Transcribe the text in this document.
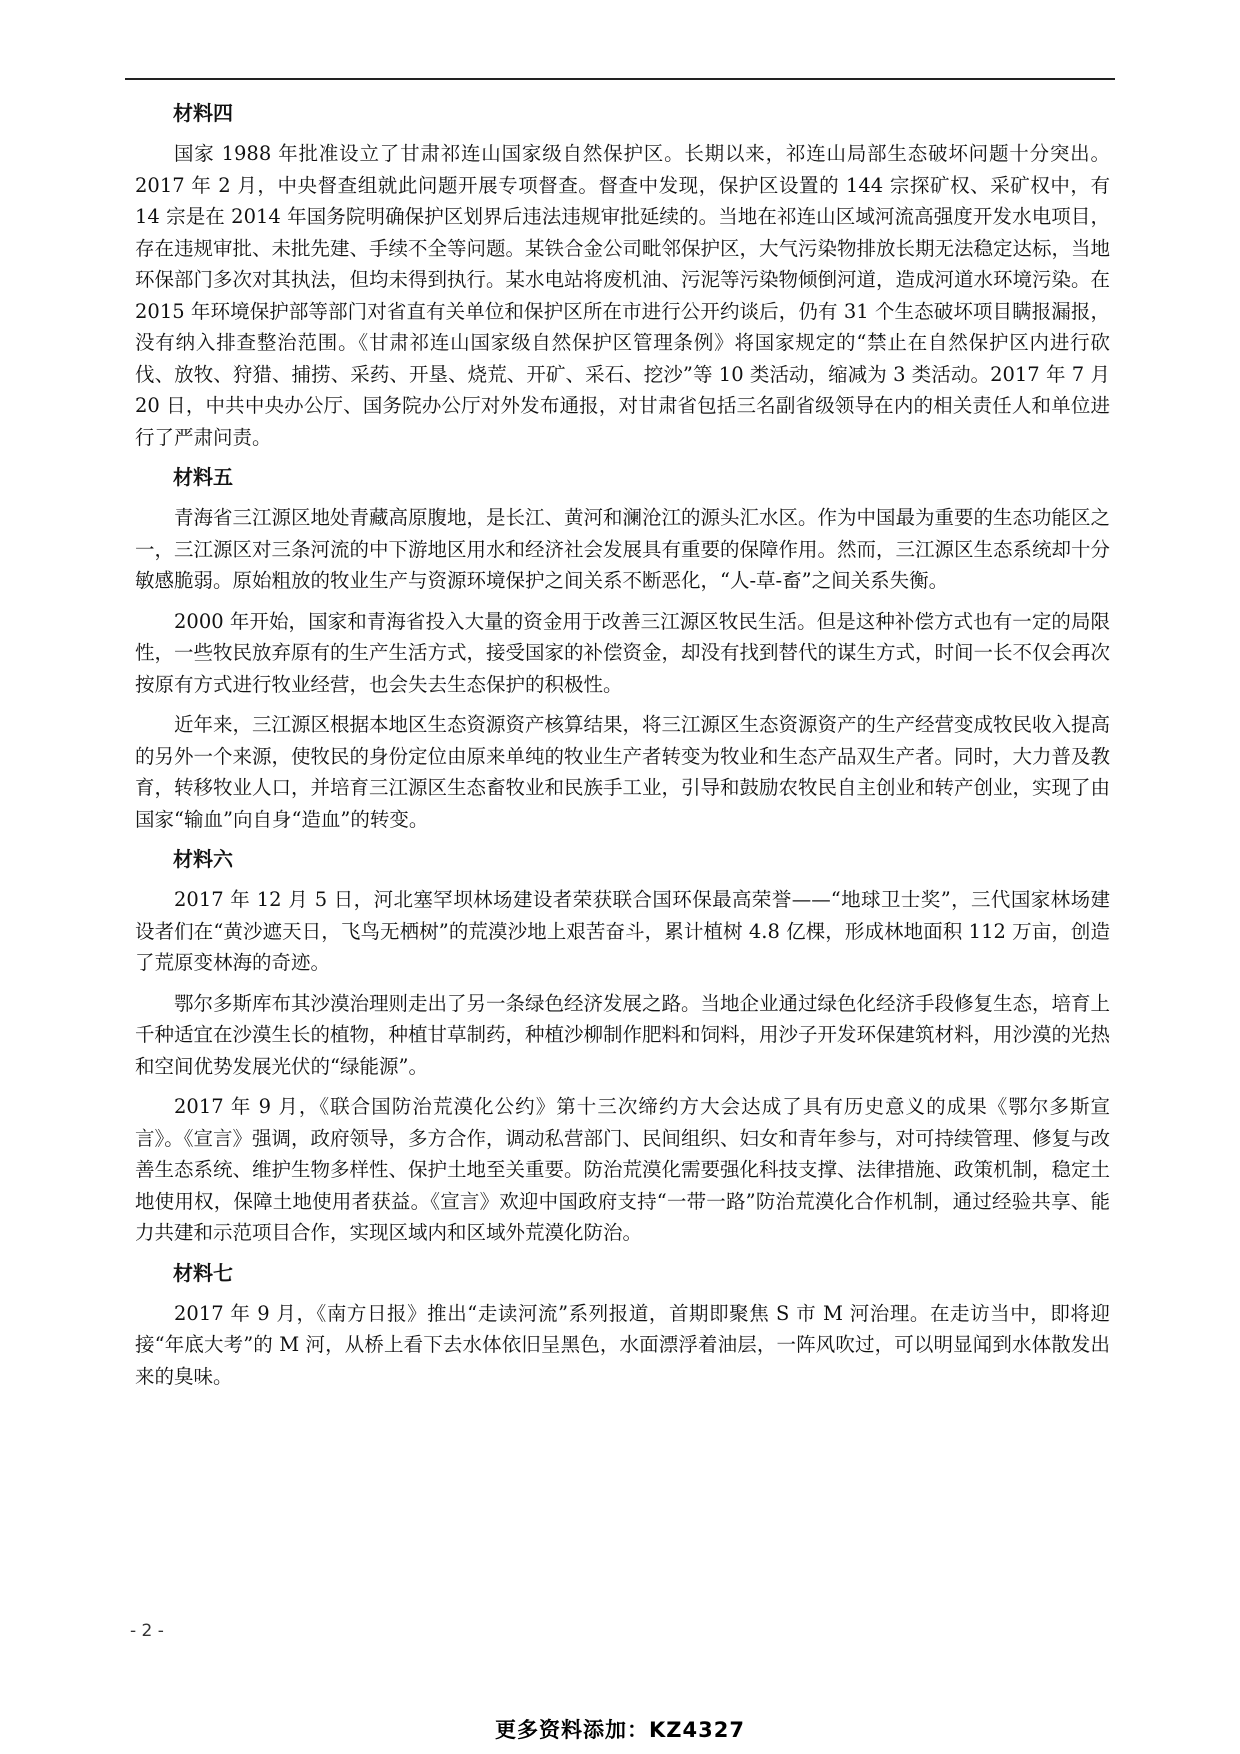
材料四

国家 1988 年批准设立了甘肃祁连山国家级自然保护区。长期以来，祁连山局部生态破坏问题十分突出。2017 年 2 月，中央督查组就此问题开展专项督查。督查中发现，保护区设置的 144 宗探矿权、采矿权中，有 14 宗是在 2014 年国务院明确保护区划界后违法违规审批延续的。当地在祁连山区域河流高强度开发水电项目，存在违规审批、未批先建、手续不全等问题。某铁合金公司毗邻保护区，大气污染物排放长期无法稳定达标，当地环保部门多次对其执法，但均未得到执行。某水电站将废机油、污泥等污染物倾倒河道，造成河道水环境污染。在 2015 年环境保护部等部门对省直有关单位和保护区所在市进行公开约谈后，仍有 31 个生态破坏项目瞒报漏报，没有纳入排查整治范围。《甘肃祁连山国家级自然保护区管理条例》将国家规定的“禁止在自然保护区内进行砍伐、放牧、狩猎、捕捞、采药、开垦、烧荒、开矿、采石、挖沙”等 10 类活动，缩减为 3 类活动。2017 年 7 月 20 日，中共中央办公厅、国务院办公厅对外发布通报，对甘肃省包括三名副省级领导在内的相关责任人和单位进行了严肃问责。

材料五

青海省三江源区地处青藏高原腹地，是长江、黄河和澜沧江的源头汇水区。作为中国最为重要的生态功能区之一，三江源区对三条河流的中下游地区用水和经济社会发展具有重要的保障作用。然而，三江源区生态系统却十分敏感脆弱。原始粗放的牧业生产与资源环境保护之间关系不断恶化，“人-草-畜”之间关系失衡。

2000 年开始，国家和青海省投入大量的资金用于改善三江源区牧民生活。但是这种补偿方式也有一定的局限性，一些牧民放弃原有的生产生活方式，接受国家的补偿资金，却没有找到替代的谋生方式，时间一长不仅会再次按原有方式进行牧业经营，也会失去生态保护的积极性。

近年来，三江源区根据本地区生态资源资产核算结果，将三江源区生态资源资产的生产经营变成牧民收入提高的另外一个来源，使牧民的身份定位由原来单纯的牧业生产者转变为牧业和生态产品双生产者。同时，大力普及教育，转移牧业人口，并培育三江源区生态畜牧业和民族手工业，引导和鼓励农牧民自主创业和转产创业，实现了由国家“输血”向自身“造血”的转变。

材料六

2017 年 12 月 5 日，河北塞罕坝林场建设者荣获联合国环保最高荣誉——“地球卫士奖”，三代国家林场建设者们在“黄沙遮天日，飞鸟无栖树”的荒漠沙地上艰苦奋斗，累计植树 4.8 亿棵，形成林地面积 112 万亩，创造了荒原变林海的奇迹。

鄂尔多斯库布其沙漠治理则走出了另一条绿色经济发展之路。当地企业通过绿色化经济手段修复生态，培育上千种适宜在沙漠生长的植物，种植甘草制药，种植沙柳制作肥料和饲料，用沙子开发环保建筑材料，用沙漠的光热和空间优势发展光伏的“绿能源”。

2017 年 9 月，《联合国防治荒漠化公约》第十三次缔约方大会达成了具有历史意义的成果《鄂尔多斯宣言》。《宣言》强调，政府领导，多方合作，调动私营部门、民间组织、妇女和青年参与，对可持续管理、修复与改善生态系统、维护生物多样性、保护土地至关重要。防治荒漠化需要强化科技支撑、法律措施、政策机制，稳定土地使用权，保障土地使用者获益。《宣言》欢迎中国政府支持“一带一路”防治荒漠化合作机制，通过经验共享、能力共建和示范项目合作，实现区域内和区域外荒漠化防治。

材料七

2017 年 9 月，《南方日报》推出“走读河流”系列报道，首期即聚焦 S 市 M 河治理。在走访当中，即将迎接“年底大考”的 M 河，从桥上看下去水体依旧呈黑色，水面漂浮着油层，一阵风吹过，可以明显闻到水体散发出来的臭味。

- 2 -
更多资料添加：KZ4327
